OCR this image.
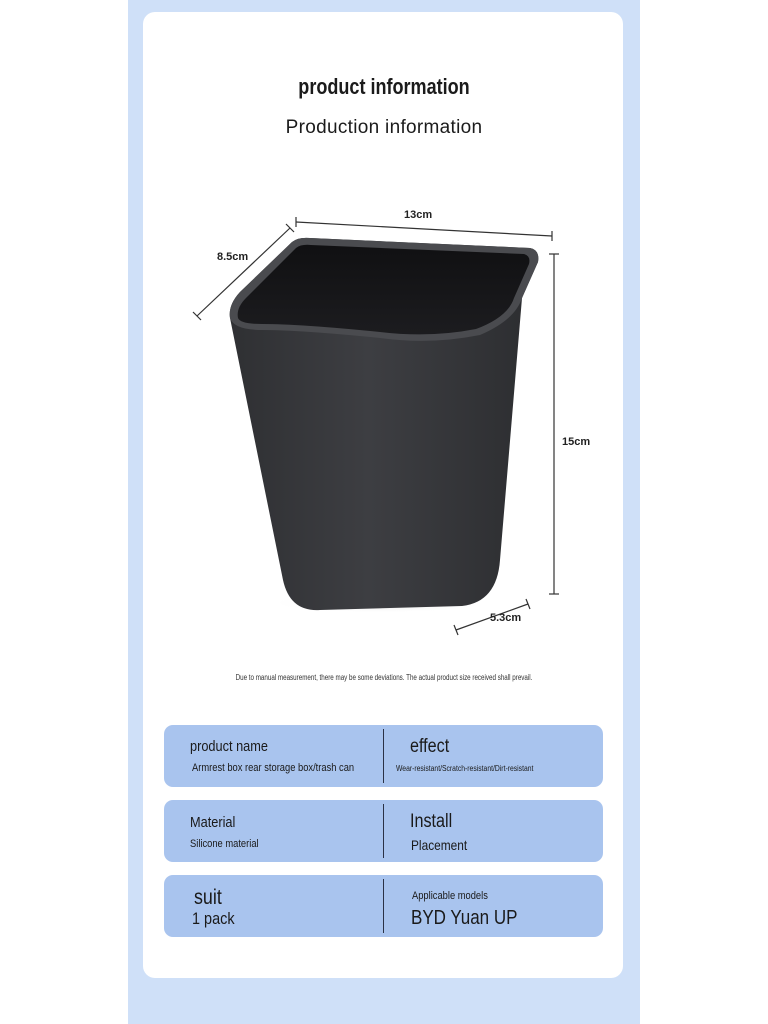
product information
Production information
13cm
8.5cm
15cm
5.3cm
Due to manual measurement, there may be some deviations. The actual product size received shall prevail.
product name
Armrest box rear storage box/trash can
effect
Wear-resistant/Scratch-resistant/Dirt-resistant
Material
Silicone material
Install
Placement
suit
1 pack
Applicable models
BYD Yuan UP
